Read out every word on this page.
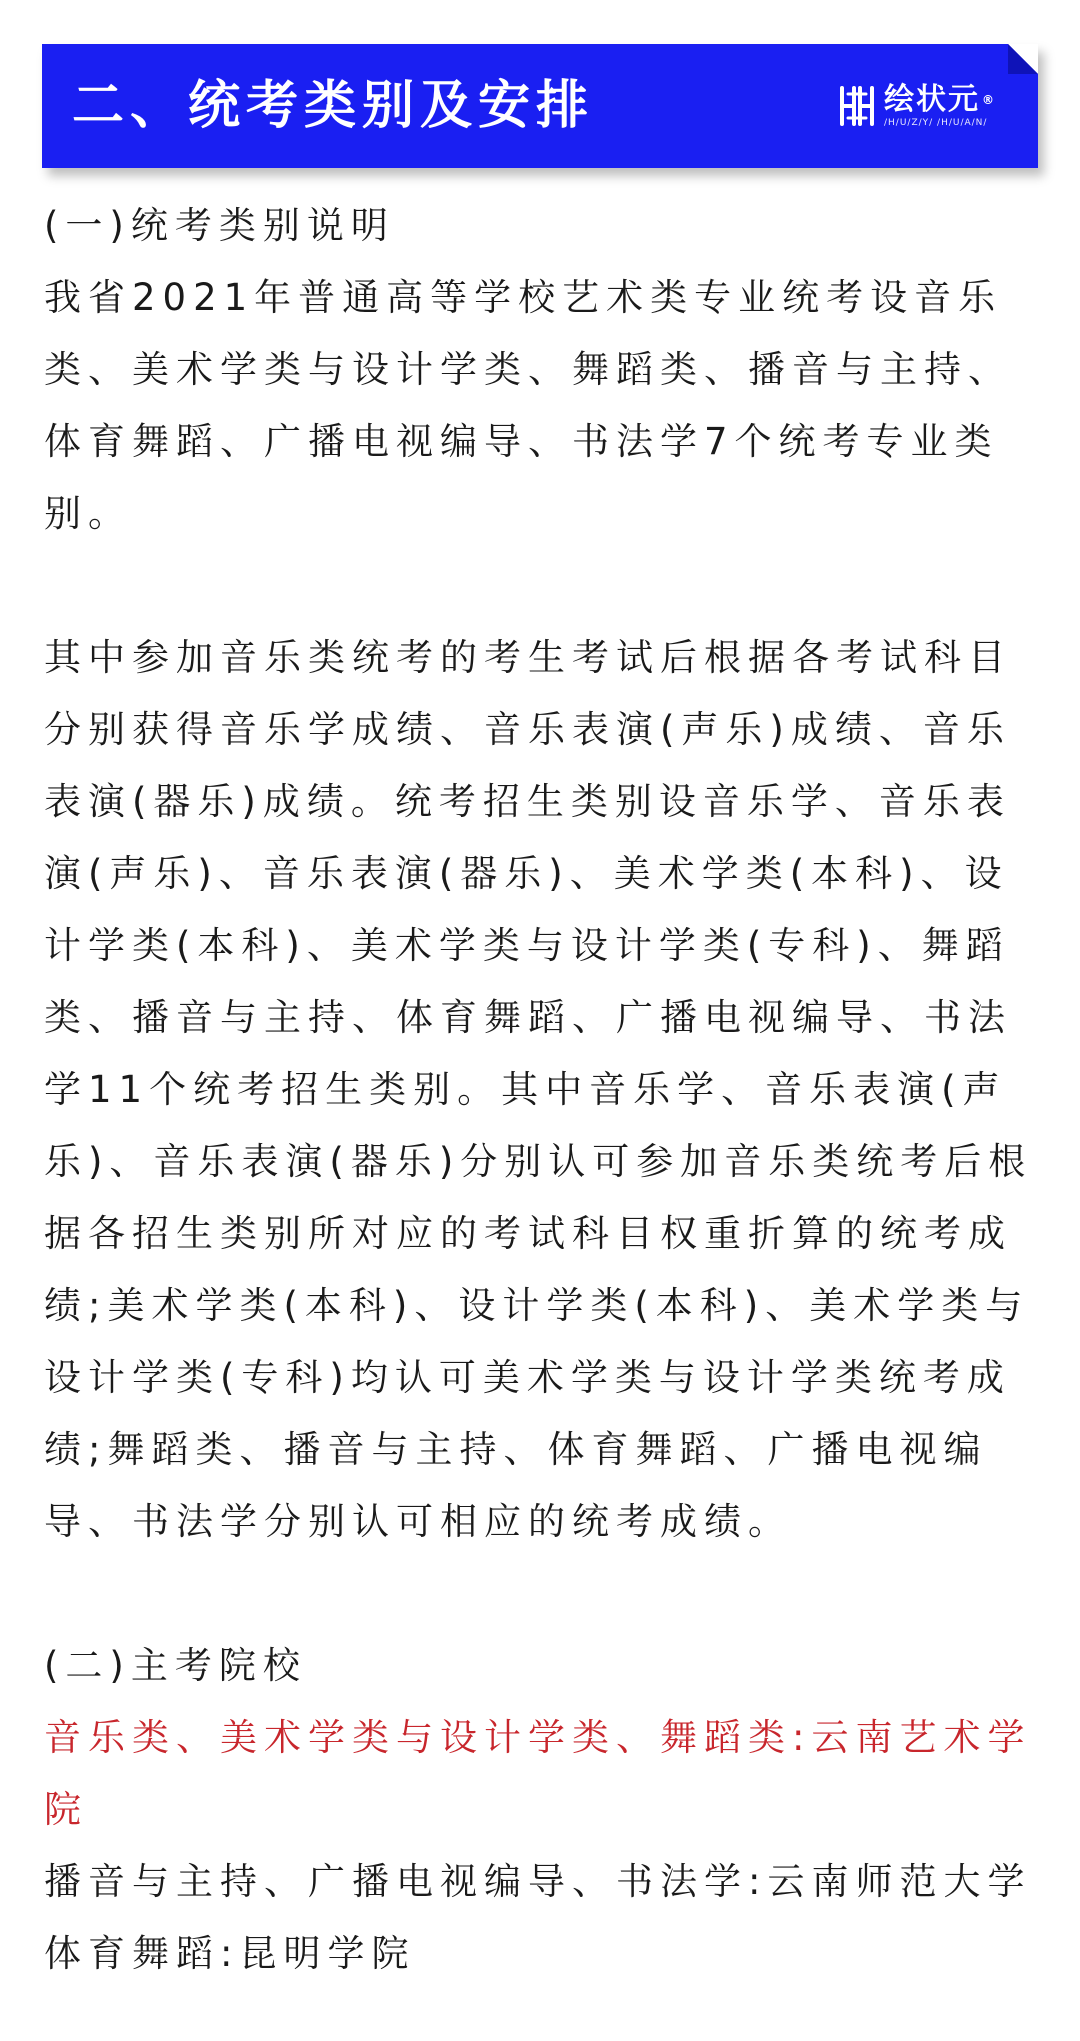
二、统考类别及安排	绘状元 ®
/H/U/Z/Y/ /H/U/A/N/

(一)统考类别说明

我省2021年普通高等学校艺术类专业统考设音乐类、美术学类与设计学类、舞蹈类、播音与主持、体育舞蹈、广播电视编导、书法学7个统考专业类别。

其中参加音乐类统考的考生考试后根据各考试科目分别获得音乐学成绩、音乐表演(声乐)成绩、音乐表演(器乐)成绩。统考招生类别设音乐学、音乐表演(声乐)、音乐表演(器乐)、美术学类(本科)、设计学类(本科)、美术学类与设计学类(专科)、舞蹈类、播音与主持、体育舞蹈、广播电视编导、书法学11个统考招生类别。其中音乐学、音乐表演(声乐)、音乐表演(器乐)分别认可参加音乐类统考后根据各招生类别所对应的考试科目权重折算的统考成绩;美术学类(本科)、设计学类(本科)、美术学类与设计学类(专科)均认可美术学类与设计学类统考成绩;舞蹈类、播音与主持、体育舞蹈、广播电视编导、书法学分别认可相应的统考成绩。

(二)主考院校

音乐类、美术学类与设计学类、舞蹈类:云南艺术学院

播音与主持、广播电视编导、书法学:云南师范大学体育舞蹈:昆明学院
